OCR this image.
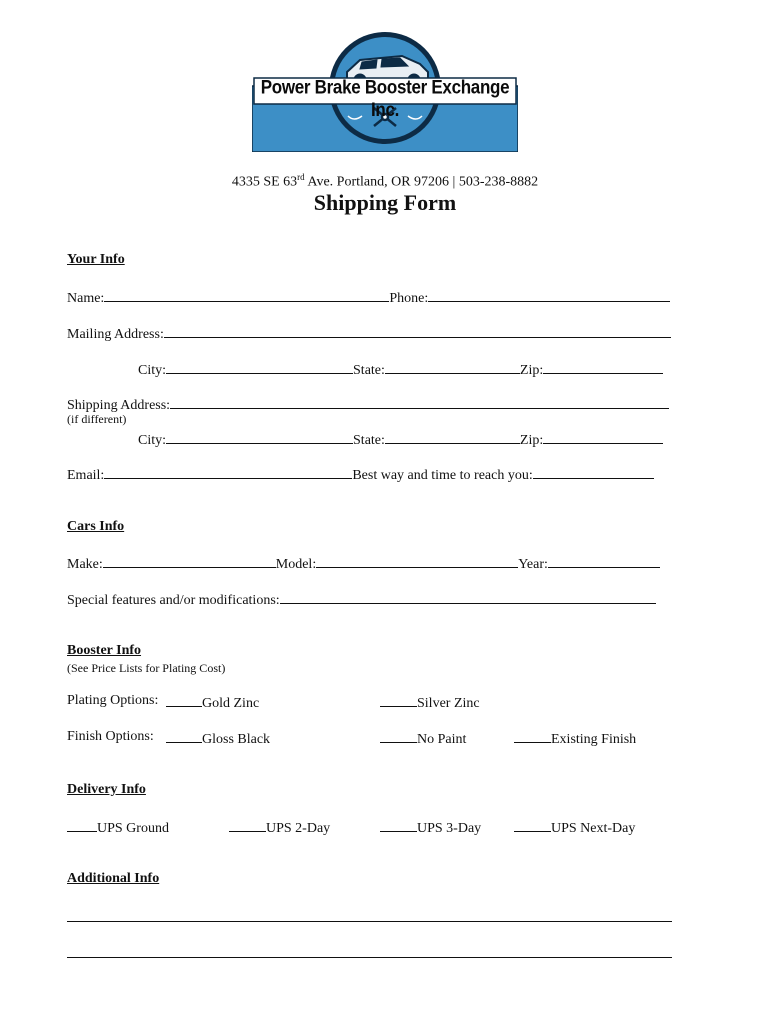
Power Brake Booster Exchange Inc.
4335 SE 63rd Ave. Portland, OR 97206 | 503-238-8882
Shipping Form
Your Info
Name:	Phone:
Mailing Address:
City:	State:	Zip:
Shipping Address:
(if different)
City:	State:	Zip:
Email:	Best way and time to reach you:
Cars Info
Make:	Model:	Year:
Special features and/or modifications:
Booster Info
(See Price Lists for Plating Cost)
Plating Options:	Gold Zinc	Silver Zinc
Finish Options:	Gloss Black	No Paint	Existing Finish
Delivery Info
UPS Ground	UPS 2-Day	UPS 3-Day	UPS Next-Day
Additional Info
